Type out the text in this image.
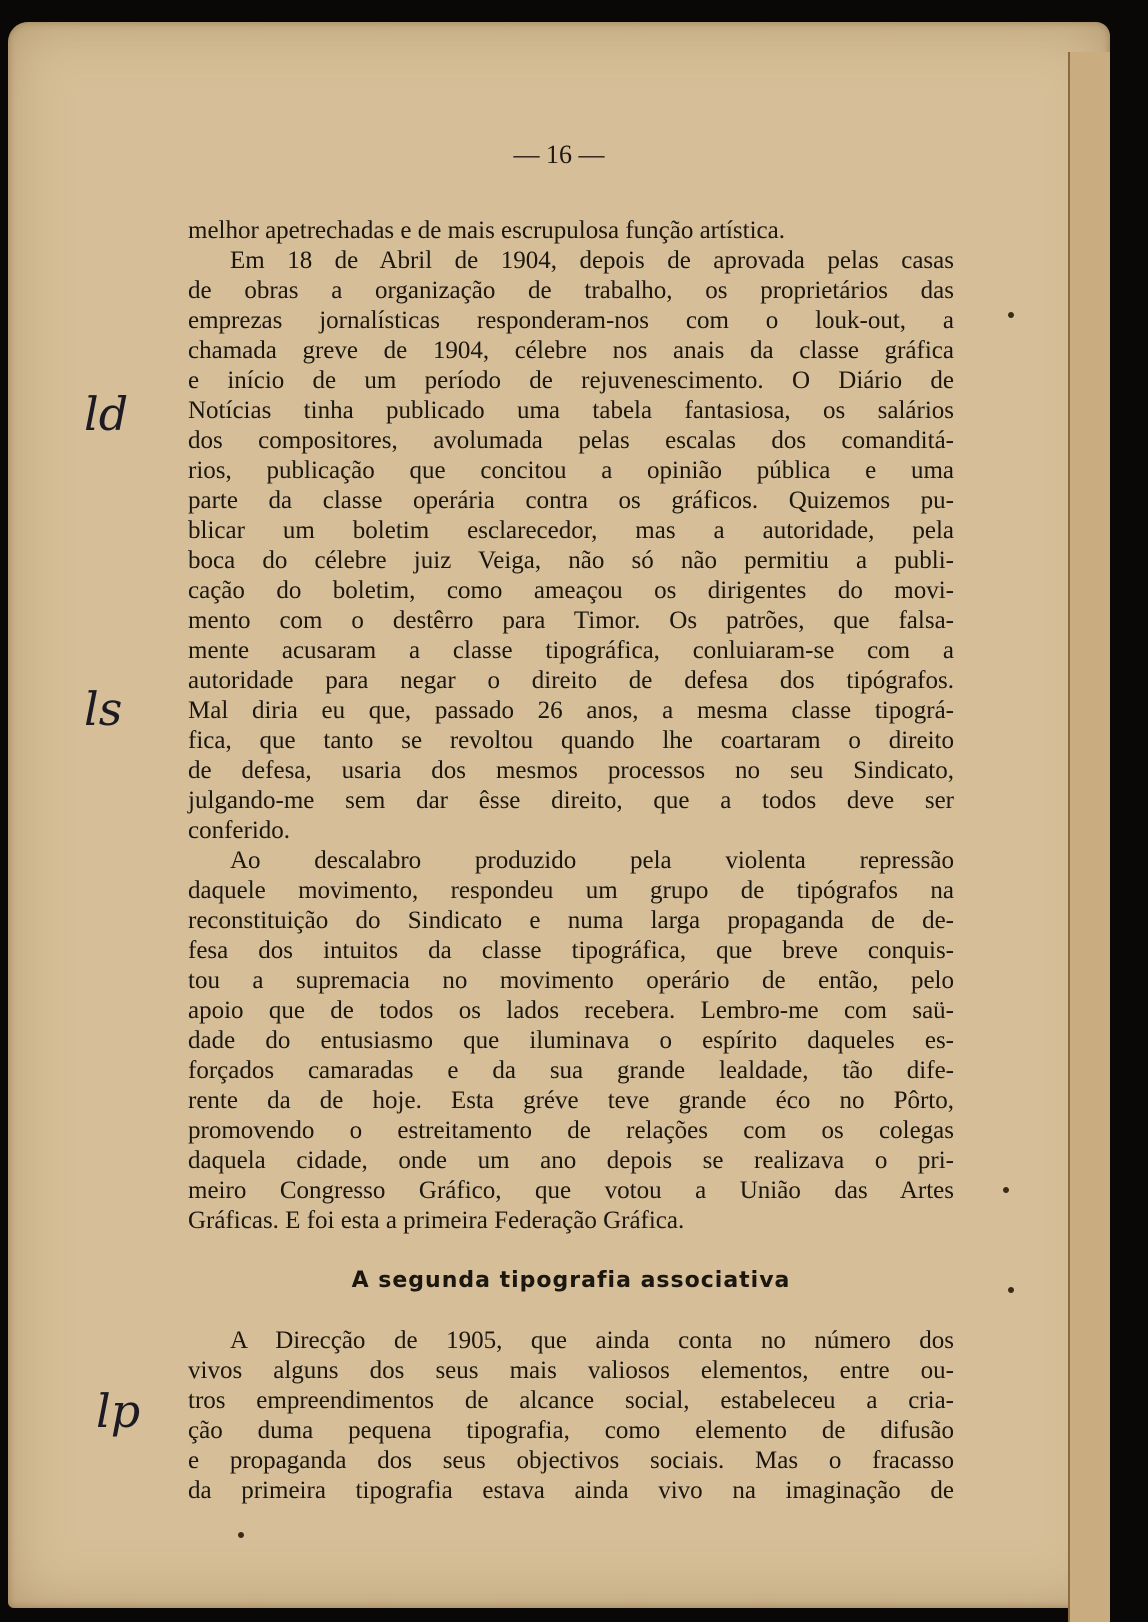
— 16 —
ld
ls
lp
melhor apetrechadas e de mais escrupulosa função artística.
Em 18 de Abril de 1904, depois de aprovada pelas casas
de obras a organização de trabalho, os proprietários das
emprezas jornalísticas responderam-nos com o louk-out, a
chamada greve de 1904, célebre nos anais da classe gráfica
e início de um período de rejuvenescimento. O Diário de
Notícias tinha publicado uma tabela fantasiosa, os salários
dos compositores, avolumada pelas escalas dos comanditá-
rios, publicação que concitou a opinião pública e uma
parte da classe operária contra os gráficos. Quizemos pu-
blicar um boletim esclarecedor, mas a autoridade, pela
boca do célebre juiz Veiga, não só não permitiu a publi-
cação do boletim, como ameaçou os dirigentes do movi-
mento com o destêrro para Timor. Os patrões, que falsa-
mente acusaram a classe tipográfica, conluiaram-se com a
autoridade para negar o direito de defesa dos tipógrafos.
Mal diria eu que, passado 26 anos, a mesma classe tipográ-
fica, que tanto se revoltou quando lhe coartaram o direito
de defesa, usaria dos mesmos processos no seu Sindicato,
julgando-me sem dar êsse direito, que a todos deve ser
conferido.
Ao descalabro produzido pela violenta repressão
daquele movimento, respondeu um grupo de tipógrafos na
reconstituição do Sindicato e numa larga propaganda de de-
fesa dos intuitos da classe tipográfica, que breve conquis-
tou a supremacia no movimento operário de então, pelo
apoio que de todos os lados recebera. Lembro-me com saü-
dade do entusiasmo que iluminava o espírito daqueles es-
forçados camaradas e da sua grande lealdade, tão dife-
rente da de hoje. Esta gréve teve grande éco no Pôrto,
promovendo o estreitamento de relações com os colegas
daquela cidade, onde um ano depois se realizava o pri-
meiro Congresso Gráfico, que votou a União das Artes
Gráficas. E foi esta a primeira Federação Gráfica.
A segunda tipografia associativa
A Direcção de 1905, que ainda conta no número dos
vivos alguns dos seus mais valiosos elementos, entre ou-
tros empreendimentos de alcance social, estabeleceu a cria-
ção duma pequena tipografia, como elemento de difusão
e propaganda dos seus objectivos sociais. Mas o fracasso
da primeira tipografia estava ainda vivo na imaginação de
